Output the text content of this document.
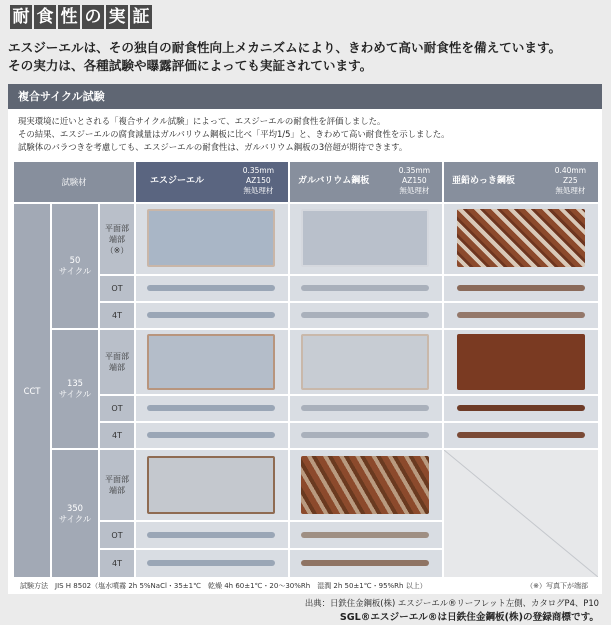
耐 食 性 の 実 証
エスジーエルは、その独自の耐食性向上メカニズムにより、きわめて高い耐食性を備えています。
その実力は、各種試験や曝露評価によっても実証されています。
複合サイクル試験
現実環境に近いとされる「複合サイクル試験」によって、エスジーエルの耐食性を評価しました。
その結果、エスジーエルの腐食減量はガルバリウム鋼板に比べ「平均1/5」と、きわめて高い耐食性を示しました。
試験体のバラつきを考慮しても、エスジーエルの耐食性は、ガルバリウム鋼板の3倍超が期待できます。
試験材	エスジーエル
0.35mm
AZ150
無処理材
ガルバリウム鋼板
0.35mm
AZ150
無処理材
亜鉛めっき鋼板
0.40mm
Z25
無処理材
CCT
50
サイクル
135
サイクル
350
サイクル
平面部
端部
（※）
OT
4T
平面部
端部
OT
4T
平面部
端部
OT
4T
試験方法　JIS H 8502（塩水噴霧 2h 5%NaCl・35±1℃　乾燥 4h 60±1℃・20〜30%Rh　湿潤 2h 50±1℃・95%Rh 以上）	（※）写真下が端部
出典：日鉄住金鋼板(株) エスジーエル®リーフレット左側、カタログP4、P10
SGL®エスジーエル®は日鉄住金鋼板(株)の登録商標です。
